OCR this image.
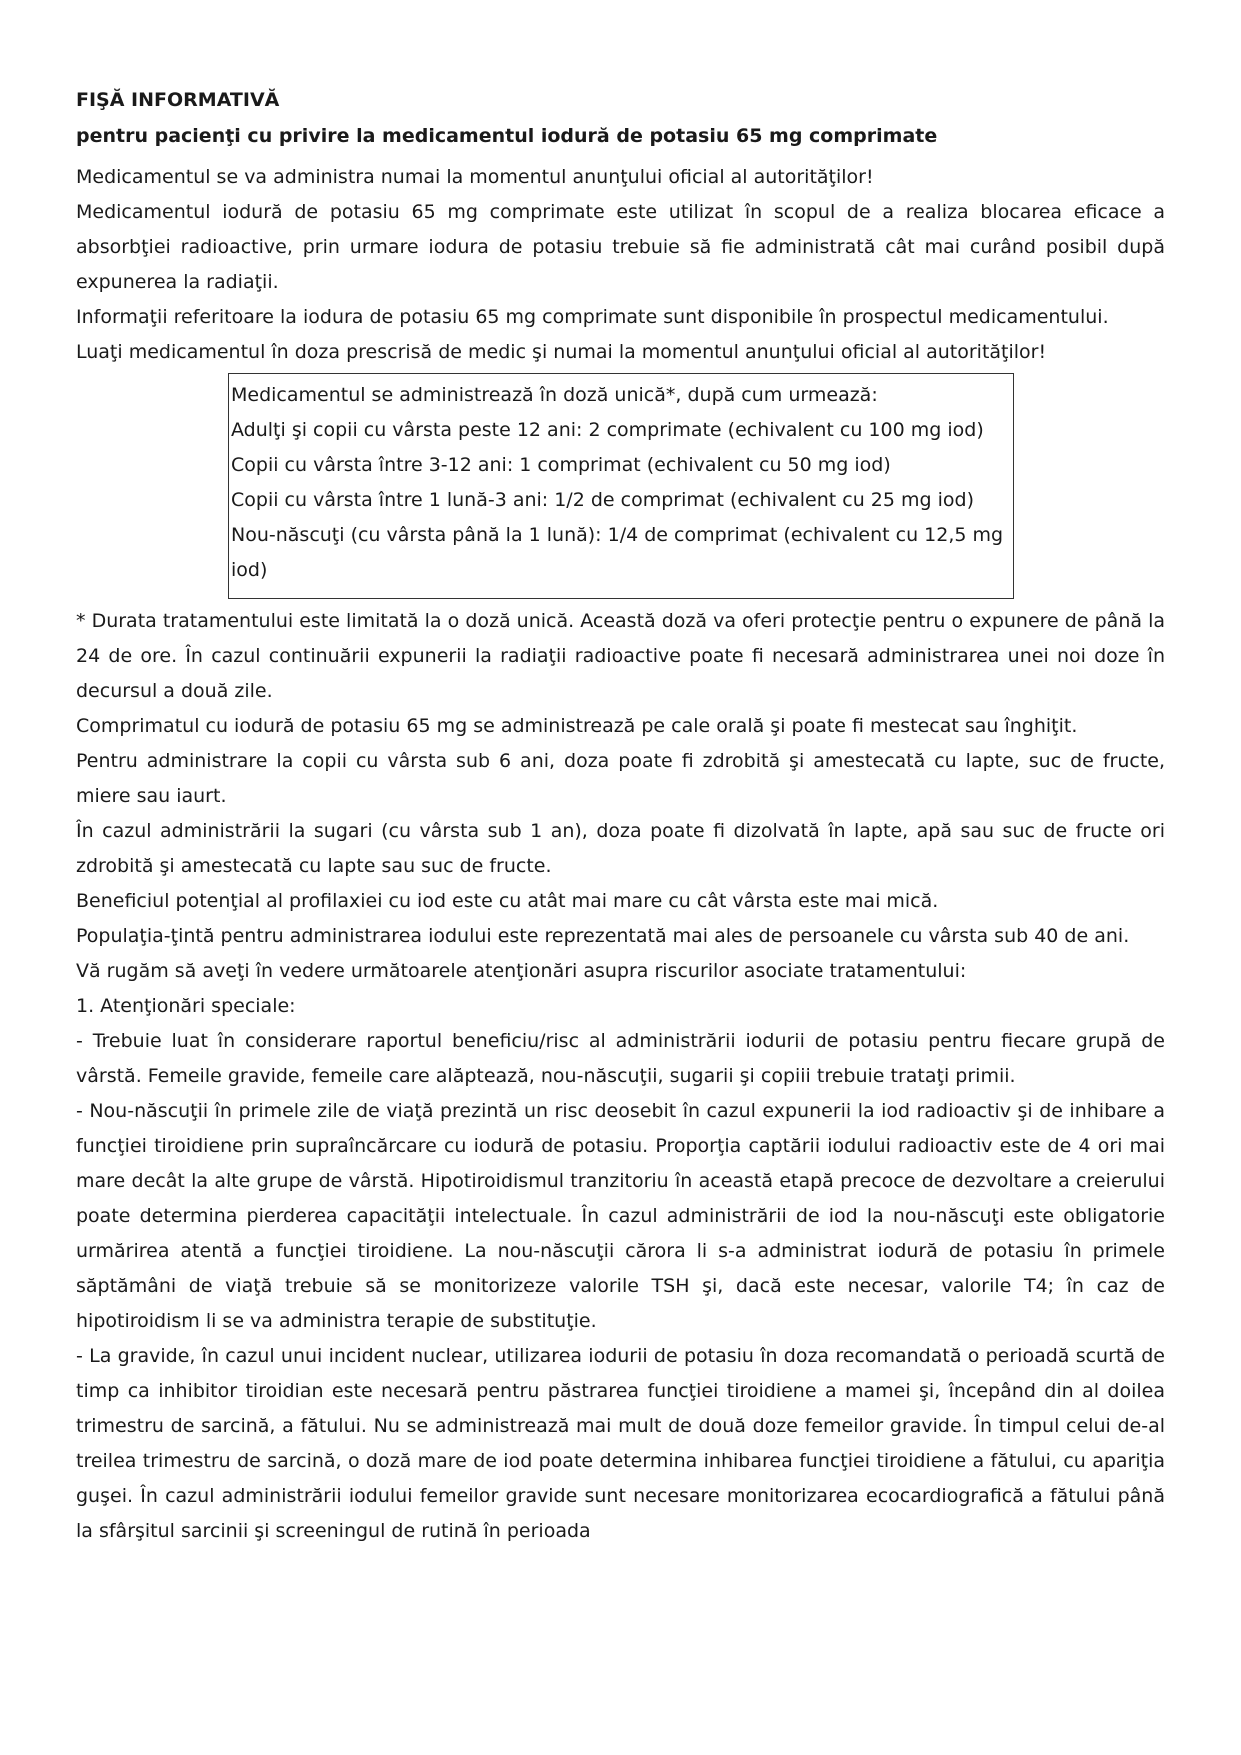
FIŞĂ INFORMATIVĂ
pentru pacienţi cu privire la medicamentul iodură de potasiu 65 mg comprimate

Medicamentul se va administra numai la momentul anunţului oficial al autorităţilor!

Medicamentul iodură de potasiu 65 mg comprimate este utilizat în scopul de a realiza blocarea eficace a absorbţiei radioactive, prin urmare iodura de potasiu trebuie să fie administrată cât mai curând posibil după expunerea la radiaţii.

Informaţii referitoare la iodura de potasiu 65 mg comprimate sunt disponibile în prospectul medicamentului.

Luaţi medicamentul în doza prescrisă de medic şi numai la momentul anunţului oficial al autorităţilor!

Medicamentul se administrează în doză unică*, după cum urmează:
Adulţi şi copii cu vârsta peste 12 ani: 2 comprimate (echivalent cu 100 mg iod)
Copii cu vârsta între 3-12 ani: 1 comprimat (echivalent cu 50 mg iod)
Copii cu vârsta între 1 lună-3 ani: 1/2 de comprimat (echivalent cu 25 mg iod)
Nou-născuţi (cu vârsta până la 1 lună): 1/4 de comprimat (echivalent cu 12,5 mg iod)

* Durata tratamentului este limitată la o doză unică. Această doză va oferi protecţie pentru o expunere de până la 24 de ore. În cazul continuării expunerii la radiaţii radioactive poate fi necesară administrarea unei noi doze în decursul a două zile.

Comprimatul cu iodură de potasiu 65 mg se administrează pe cale orală şi poate fi mestecat sau înghiţit.

Pentru administrare la copii cu vârsta sub 6 ani, doza poate fi zdrobită şi amestecată cu lapte, suc de fructe, miere sau iaurt.

În cazul administrării la sugari (cu vârsta sub 1 an), doza poate fi dizolvată în lapte, apă sau suc de fructe ori zdrobită şi amestecată cu lapte sau suc de fructe.

Beneficiul potenţial al profilaxiei cu iod este cu atât mai mare cu cât vârsta este mai mică.

Populaţia-ţintă pentru administrarea iodului este reprezentată mai ales de persoanele cu vârsta sub 40 de ani.

Vă rugăm să aveţi în vedere următoarele atenţionări asupra riscurilor asociate tratamentului:

1. Atenţionări speciale:

- Trebuie luat în considerare raportul beneficiu/risc al administrării iodurii de potasiu pentru fiecare grupă de vârstă. Femeile gravide, femeile care alăptează, nou-născuţii, sugarii şi copiii trebuie trataţi primii.

- Nou-născuţii în primele zile de viaţă prezintă un risc deosebit în cazul expunerii la iod radioactiv şi de inhibare a funcţiei tiroidiene prin supraîncărcare cu iodură de potasiu. Proporţia captării iodului radioactiv este de 4 ori mai mare decât la alte grupe de vârstă. Hipotiroidismul tranzitoriu în această etapă precoce de dezvoltare a creierului poate determina pierderea capacităţii intelectuale. În cazul administrării de iod la nou-născuţi este obligatorie urmărirea atentă a funcţiei tiroidiene. La nou-născuţii cărora li s-a administrat iodură de potasiu în primele săptămâni de viaţă trebuie să se monitorizeze valorile TSH şi, dacă este necesar, valorile T4; în caz de hipotiroidism li se va administra terapie de substituţie.

- La gravide, în cazul unui incident nuclear, utilizarea iodurii de potasiu în doza recomandată o perioadă scurtă de timp ca inhibitor tiroidian este necesară pentru păstrarea funcţiei tiroidiene a mamei şi, începând din al doilea trimestru de sarcină, a fătului. Nu se administrează mai mult de două doze femeilor gravide. În timpul celui de-al treilea trimestru de sarcină, o doză mare de iod poate determina inhibarea funcţiei tiroidiene a fătului, cu apariţia guşei. În cazul administrării iodului femeilor gravide sunt necesare monitorizarea ecocardiografică a fătului până la sfârşitul sarcinii şi screeningul de rutină în perioada
